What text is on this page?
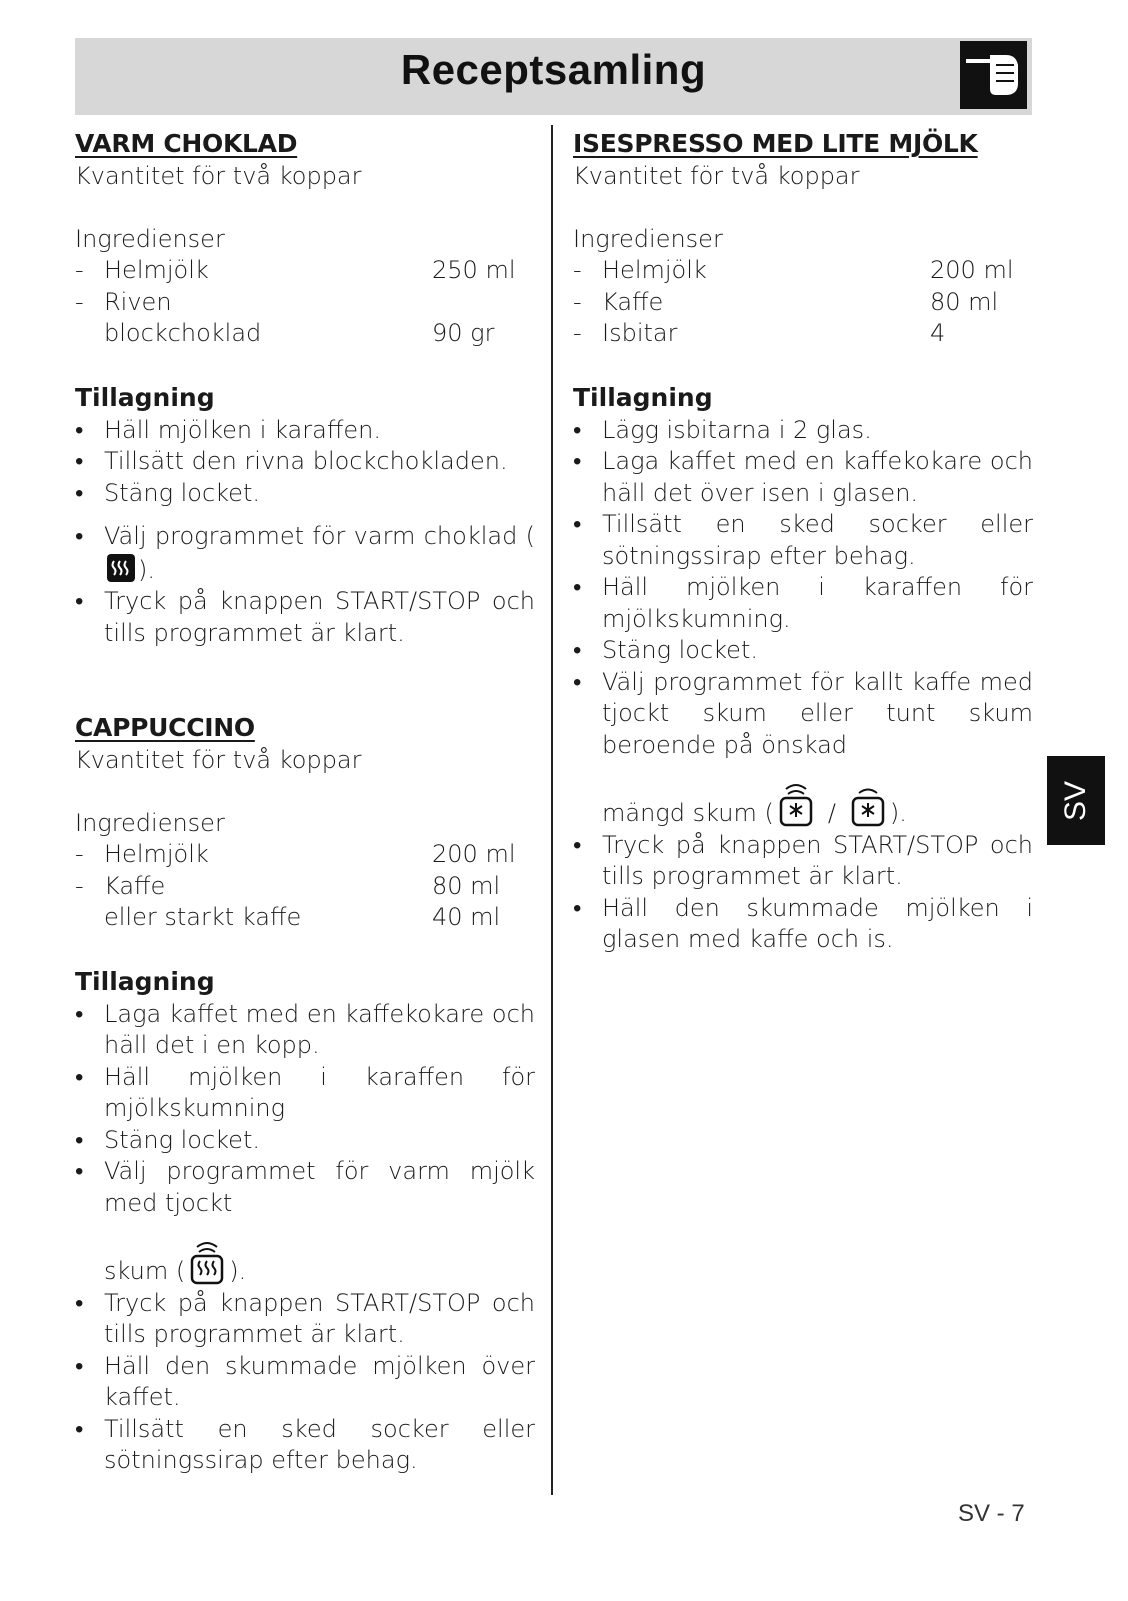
Receptsamling
VARM CHOKLAD

Kvantitet för två koppar

Ingredienser

- Helmjölk	250 ml
- Riven
blockchoklad	90 gr
Tillagning
• Häll mjölken i karaffen.
• Tillsätt den rivna blockchokladen.
• Stäng locket.
• Välj programmet för varm choklad ().
• Tryck på knappen START/STOP och tills programmet är klart.
CAPPUCCINO

Kvantitet för två koppar

Ingredienser

- Helmjölk	200 ml
- Kaffe	80 ml
eller starkt kaffe	40 ml
Tillagning
• Laga kaffet med en kaffekokare och häll det i en kopp.
• Häll mjölken i karaffen för mjölkskumning
• Stäng locket.
• Välj programmet för varm mjölk med tjockt
skum ( ).
• Tryck på knappen START/STOP och tills programmet är klart.
• Häll den skummade mjölken över kaffet.
• Tillsätt en sked socker eller sötningssirap efter behag.
ISESPRESSO MED LITE MJÖLK

Kvantitet för två koppar

Ingredienser

- Helmjölk	200 ml
- Kaffe	80 ml
- Isbitar	4
Tillagning
• Lägg isbitarna i 2 glas.
• Laga kaffet med en kaffekokare och häll det över isen i glasen.
• Tillsätt en sked socker eller sötningssirap efter behag.
• Häll mjölken i karaffen för mjölkskumning.
• Stäng locket.
• Välj programmet för kallt kaffe med tjockt skum eller tunt skum beroende på önskad
mängd skum ( / ).
• Tryck på knappen START/STOP och tills programmet är klart.
• Häll den skummade mjölken i glasen med kaffe och is.
SV
SV - 7
